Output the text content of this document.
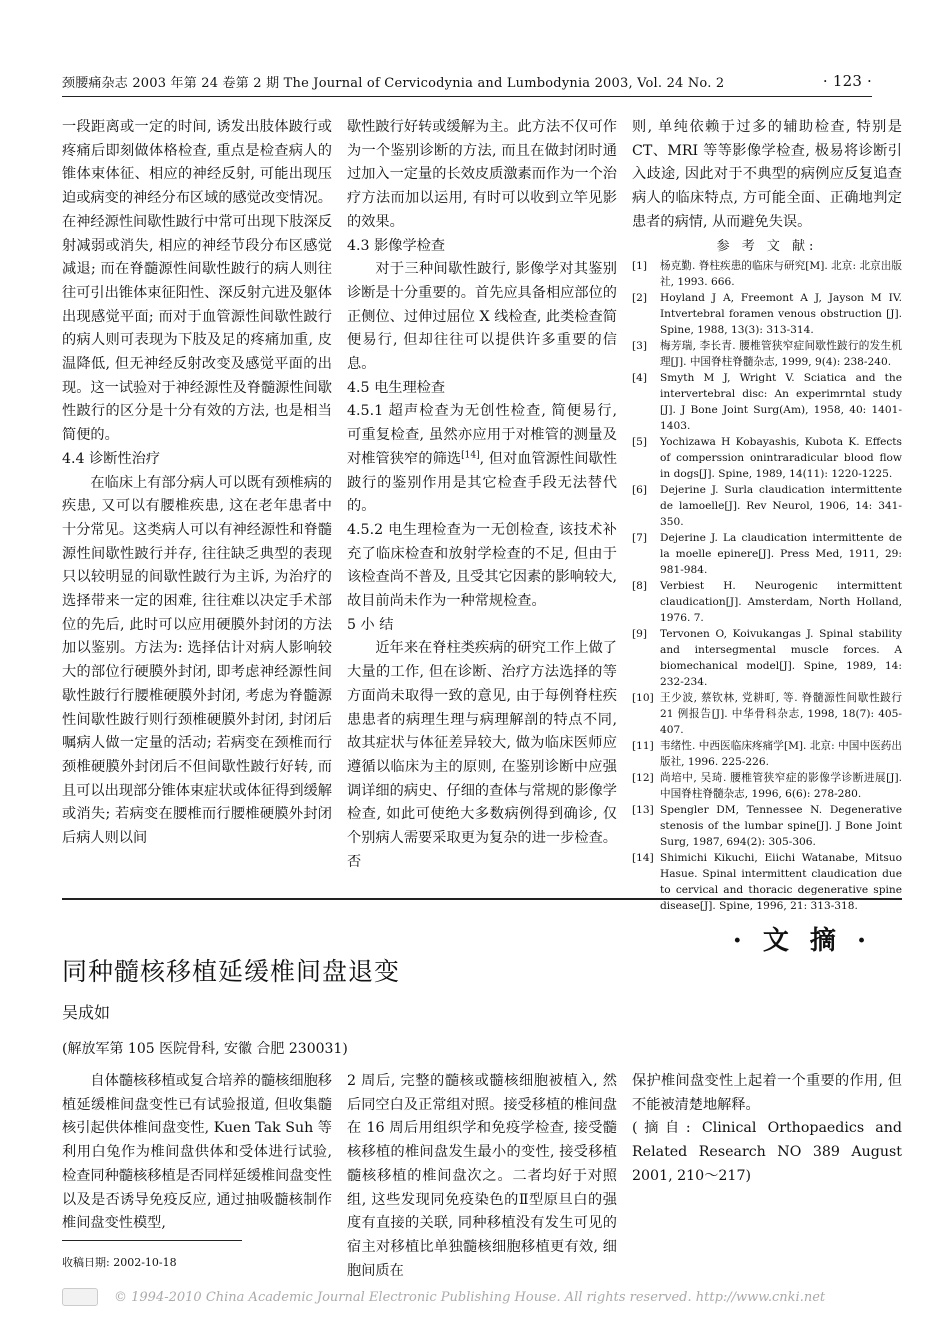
颈腰痛杂志 2003 年第 24 卷第 2 期 The Journal of Cervicodynia and Lumbodynia 2003, Vol. 24 No. 2	· 123 ·

一段距离或一定的时间, 诱发出肢体跛行或疼痛后即刻做体格检查, 重点是检查病人的锥体束体征、相应的神经反射, 可能出现压迫或病变的神经分布区域的感觉改变情况。在神经源性间歇性跛行中常可出现下肢深反射减弱或消失, 相应的神经节段分布区感觉减退; 而在脊髓源性间歇性跛行的病人则往往可引出锥体束征阳性、深反射亢进及躯体出现感觉平面; 而对于血管源性间歇性跛行的病人则可表现为下肢及足的疼痛加重, 皮温降低, 但无神经反射改变及感觉平面的出现。这一试验对于神经源性及脊髓源性间歇性跛行的区分是十分有效的方法, 也是相当简便的。

4.4 诊断性治疗

在临床上有部分病人可以既有颈椎病的疾患, 又可以有腰椎疾患, 这在老年患者中十分常见。这类病人可以有神经源性和脊髓源性间歇性跛行并存, 往往缺乏典型的表现只以较明显的间歇性跛行为主诉, 为治疗的选择带来一定的困难, 往往难以决定手术部位的先后, 此时可以应用硬膜外封闭的方法加以鉴别。方法为: 选择估计对病人影响较大的部位行硬膜外封闭, 即考虑神经源性间歇性跛行行腰椎硬膜外封闭, 考虑为脊髓源性间歇性跛行则行颈椎硬膜外封闭, 封闭后嘱病人做一定量的活动; 若病变在颈椎而行颈椎硬膜外封闭后不但间歇性跛行好转, 而且可以出现部分锥体束症状或体征得到缓解或消失; 若病变在腰椎而行腰椎硬膜外封闭后病人则以间

歇性跛行好转或缓解为主。此方法不仅可作为一个鉴别诊断的方法, 而且在做封闭时通过加入一定量的长效皮质激素而作为一个治疗方法而加以运用, 有时可以收到立竿见影的效果。

4.3 影像学检查

对于三种间歇性跛行, 影像学对其鉴别诊断是十分重要的。首先应具备相应部位的正侧位、过伸过屈位 X 线检查, 此类检查简便易行, 但却往往可以提供许多重要的信息。

4.5 电生理检查

4.5.1 超声检查为无创性检查, 简便易行, 可重复检查, 虽然亦应用于对椎管的测量及对椎管狭窄的筛选[14], 但对血管源性间歇性跛行的鉴别作用是其它检查手段无法替代的。

4.5.2 电生理检查为一无创检查, 该技术补充了临床检查和放射学检查的不足, 但由于该检查尚不普及, 且受其它因素的影响较大, 故目前尚未作为一种常规检查。

5 小 结

近年来在脊柱类疾病的研究工作上做了大量的工作, 但在诊断、治疗方法选择的等方面尚未取得一致的意见, 由于每例脊柱疾患患者的病理生理与病理解剖的特点不同, 故其症状与体征差异较大, 做为临床医师应遵循以临床为主的原则, 在鉴别诊断中应强调详细的病史、仔细的查体与常规的影像学检查, 如此可使绝大多数病例得到确诊, 仅个别病人需要采取更为复杂的进一步检查。否

则, 单纯依赖于过多的辅助检查, 特别是 CT、MRI 等等影像学检查, 极易将诊断引入歧途, 因此对于不典型的病例应反复追查病人的临床特点, 方可能全面、正确地判定患者的病情, 从而避免失误。

参 考 文 献:

[1]	杨克勤. 脊柱疾患的临床与研究[M]. 北京: 北京出版社, 1993. 666.
[2]	Hoyland J A, Freemont A J, Jayson M IV. Intvertebral foramen venous obstruction [J]. Spine, 1988, 13(3): 313-314.
[3]	梅芳瑞, 李长青. 腰椎管狭窄症间歇性跛行的发生机理[J]. 中国脊柱脊髓杂志, 1999, 9(4): 238-240.
[4]	Smyth M J, Wright V. Sciatica and the intervertebral disc: An experimrntal study [J]. J Bone Joint Surg(Am), 1958, 40: 1401-1403.
[5]	Yochizawa H Kobayashis, Kubota K. Effects of comperssion onintraradicular blood flow in dogs[J]. Spine, 1989, 14(11): 1220-1225.
[6]	Dejerine J. Surla claudication intermittente de lamoelle[J]. Rev Neurol, 1906, 14: 341-350.
[7]	Dejerine J. La claudication intermittente de la moelle epinere[J]. Press Med, 1911, 29: 981-984.
[8]	Verbiest H. Neurogenic intermittent claudication[J]. Amsterdam, North Holland, 1976. 7.
[9]	Tervonen O, Koivukangas J. Spinal stability and intersegmental muscle forces. A biomechanical model[J]. Spine, 1989, 14: 232-234.
[10] 王少波, 蔡钦林, 党耕町, 等. 脊髓源性间歇性跛行 21 例报告[J]. 中华骨科杂志, 1998, 18(7): 405-407.
[11] 韦绪性. 中西医临床疼痛学[M]. 北京: 中国中医药出版社, 1996. 225-226.
[12] 尚培中, 吴琦. 腰椎管狭窄症的影像学诊断进展[J]. 中国脊柱脊髓杂志, 1996, 6(6): 278-280.
[13] Spengler DM, Tennessee N. Degenerative stenosis of the lumbar spine[J]. J Bone Joint Surg, 1987, 694(2): 305-306.
[14] Shimichi Kikuchi, Eiichi Watanabe, Mitsuo Hasue. Spinal intermittent claudication due to cervical and thoracic degenerative spine disease[J]. Spine, 1996, 21: 313-318.
· 文 摘 ·
同种髓核移植延缓椎间盘退变
吴成如
(解放军第 105 医院骨科, 安徽 合肥 230031)

自体髓核移植或复合培养的髓核细胞移植延缓椎间盘变性已有试验报道, 但收集髓核引起供体椎间盘变性, Kuen Tak Suh 等利用白兔作为椎间盘供体和受体进行试验, 检查同种髓核移植是否同样延缓椎间盘变性以及是否诱导免疫反应, 通过抽吸髓核制作椎间盘变性模型,

2 周后, 完整的髓核或髓核细胞被植入, 然后同空白及正常组对照。接受移植的椎间盘在 16 周后用组织学和免疫学检查, 接受髓核移植的椎间盘发生最小的变性, 接受移植髓核移植的椎间盘次之。二者均好于对照组, 这些发现同免疫染色的Ⅱ型原旦白的强度有直接的关联, 同种移植没有发生可见的宿主对移植比单独髓核细胞移植更有效, 细胞间质在

保护椎间盘变性上起着一个重要的作用, 但不能被清楚地解释。

(摘自: Clinical Orthopaedics and Related Research NO 389 August 2001, 210～217)

收稿日期: 2002-10-18
© 1994-2010 China Academic Journal Electronic Publishing House. All rights reserved. http://www.cnki.net
